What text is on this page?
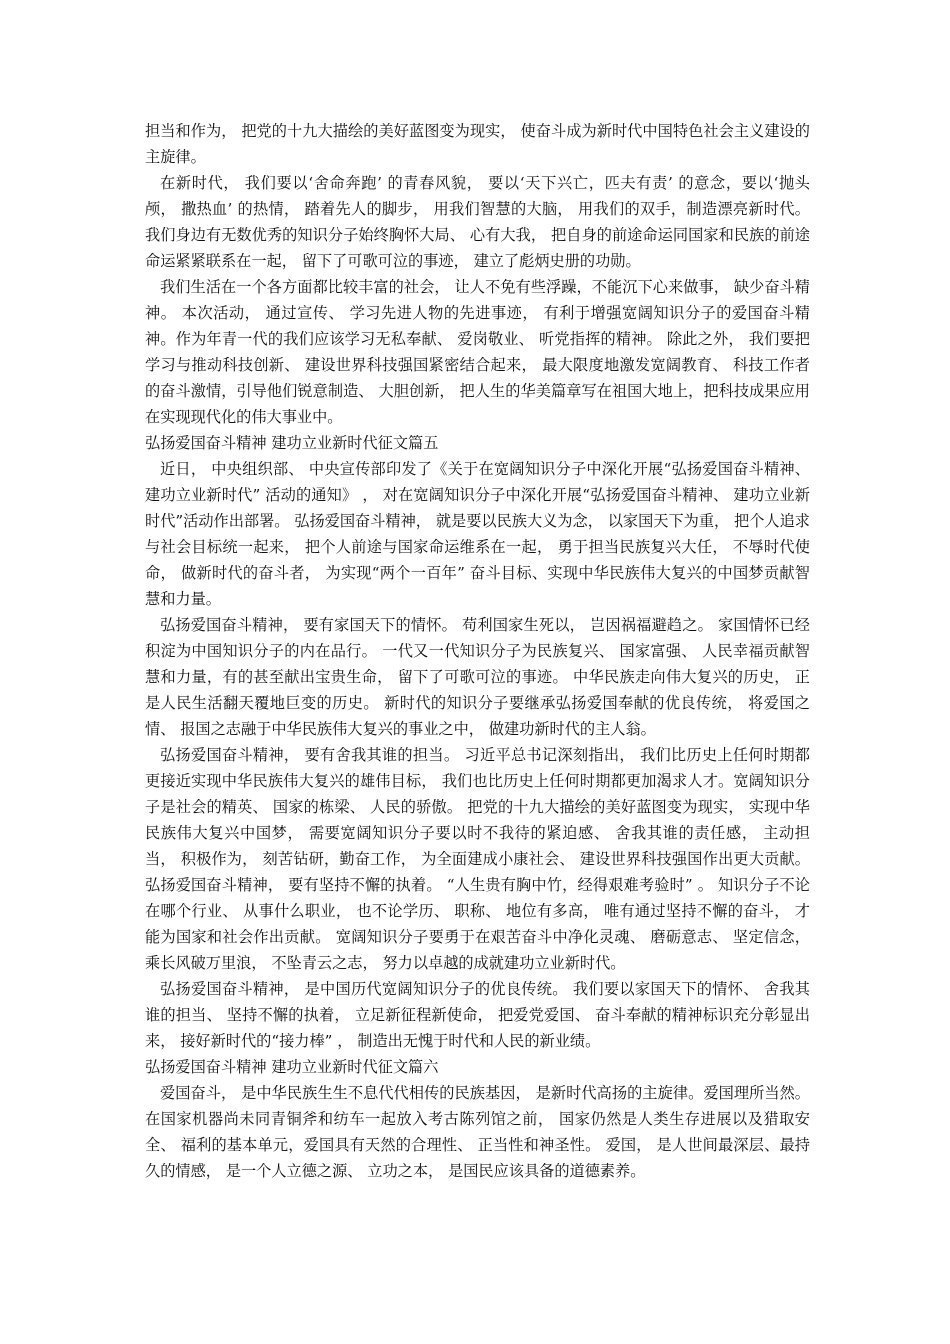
担当和作为， 把党的十九大描绘的美好蓝图变为现实， 使奋斗成为新时代中国特色社会主义建设的主旋律。

在新时代， 我们要以‘舍命奔跑’ 的青春风貌， 要以‘天下兴亡，匹夫有责’ 的意念，要以‘抛头颅， 撒热血’ 的热情， 踏着先人的脚步， 用我们智慧的大脑， 用我们的双手，制造漂亮新时代。我们身边有无数优秀的知识分子始终胸怀大局、 心有大我， 把自身的前途命运同国家和民族的前途命运紧紧联系在一起， 留下了可歌可泣的事迹， 建立了彪炳史册的功勋。

我们生活在一个各方面都比较丰富的社会， 让人不免有些浮躁，不能沉下心来做事， 缺少奋斗精神。 本次活动， 通过宣传、 学习先进人物的先进事迹， 有利于增强宽阔知识分子的爱国奋斗精神。作为年青一代的我们应该学习无私奉献、 爱岗敬业、 听党指挥的精神。 除此之外， 我们要把学习与推动科技创新、 建设世界科技强国紧密结合起来， 最大限度地激发宽阔教育、 科技工作者的奋斗激情，引导他们锐意制造、 大胆创新， 把人生的华美篇章写在祖国大地上，把科技成果应用在实现现代化的伟大事业中。

弘扬爱国奋斗精神 建功立业新时代征文篇五

近日， 中央组织部、 中央宣传部印发了《关于在宽阔知识分子中深化开展“弘扬爱国奋斗精神、 建功立业新时代” 活动的通知》 ， 对在宽阔知识分子中深化开展“弘扬爱国奋斗精神、 建功立业新时代”活动作出部署。 弘扬爱国奋斗精神， 就是要以民族大义为念， 以家国天下为重， 把个人追求与社会目标统一起来， 把个人前途与国家命运维系在一起， 勇于担当民族复兴大任， 不辱时代使命， 做新时代的奋斗者， 为实现“两个一百年” 奋斗目标、实现中华民族伟大复兴的中国梦贡献智慧和力量。

弘扬爱国奋斗精神， 要有家国天下的情怀。 苟利国家生死以， 岂因祸福避趋之。 家国情怀已经积淀为中国知识分子的内在品行。 一代又一代知识分子为民族复兴、 国家富强、 人民幸福贡献智慧和力量，有的甚至献出宝贵生命， 留下了可歌可泣的事迹。 中华民族走向伟大复兴的历史， 正是人民生活翻天覆地巨变的历史。 新时代的知识分子要继承弘扬爱国奉献的优良传统， 将爱国之情、 报国之志融于中华民族伟大复兴的事业之中， 做建功新时代的主人翁。

弘扬爱国奋斗精神， 要有舍我其谁的担当。 习近平总书记深刻指出， 我们比历史上任何时期都更接近实现中华民族伟大复兴的雄伟目标， 我们也比历史上任何时期都更加渴求人才。宽阔知识分子是社会的精英、 国家的栋梁、 人民的骄傲。 把党的十九大描绘的美好蓝图变为现实， 实现中华民族伟大复兴中国梦， 需要宽阔知识分子要以时不我待的紧迫感、 舍我其谁的责任感， 主动担当， 积极作为， 刻苦钻研，勤奋工作， 为全面建成小康社会、 建设世界科技强国作出更大贡献。弘扬爱国奋斗精神， 要有坚持不懈的执着。 “人生贵有胸中竹，经得艰难考验时” 。 知识分子不论在哪个行业、 从事什么职业， 也不论学历、 职称、 地位有多高， 唯有通过坚持不懈的奋斗， 才能为国家和社会作出贡献。 宽阔知识分子要勇于在艰苦奋斗中净化灵魂、 磨砺意志、 坚定信念， 乘长风破万里浪， 不坠青云之志， 努力以卓越的成就建功立业新时代。

弘扬爱国奋斗精神， 是中国历代宽阔知识分子的优良传统。 我们要以家国天下的情怀、 舍我其谁的担当、 坚持不懈的执着， 立足新征程新使命， 把爱党爱国、 奋斗奉献的精神标识充分彰显出来， 接好新时代的“接力棒” ， 制造出无愧于时代和人民的新业绩。

弘扬爱国奋斗精神 建功立业新时代征文篇六

爱国奋斗， 是中华民族生生不息代代相传的民族基因， 是新时代高扬的主旋律。爱国理所当然。 在国家机器尚未同青铜斧和纺车一起放入考古陈列馆之前， 国家仍然是人类生存进展以及猎取安全、 福利的基本单元，爱国具有天然的合理性、 正当性和神圣性。 爱国， 是人世间最深层、最持久的情感， 是一个人立德之源、 立功之本， 是国民应该具备的道德素养。
